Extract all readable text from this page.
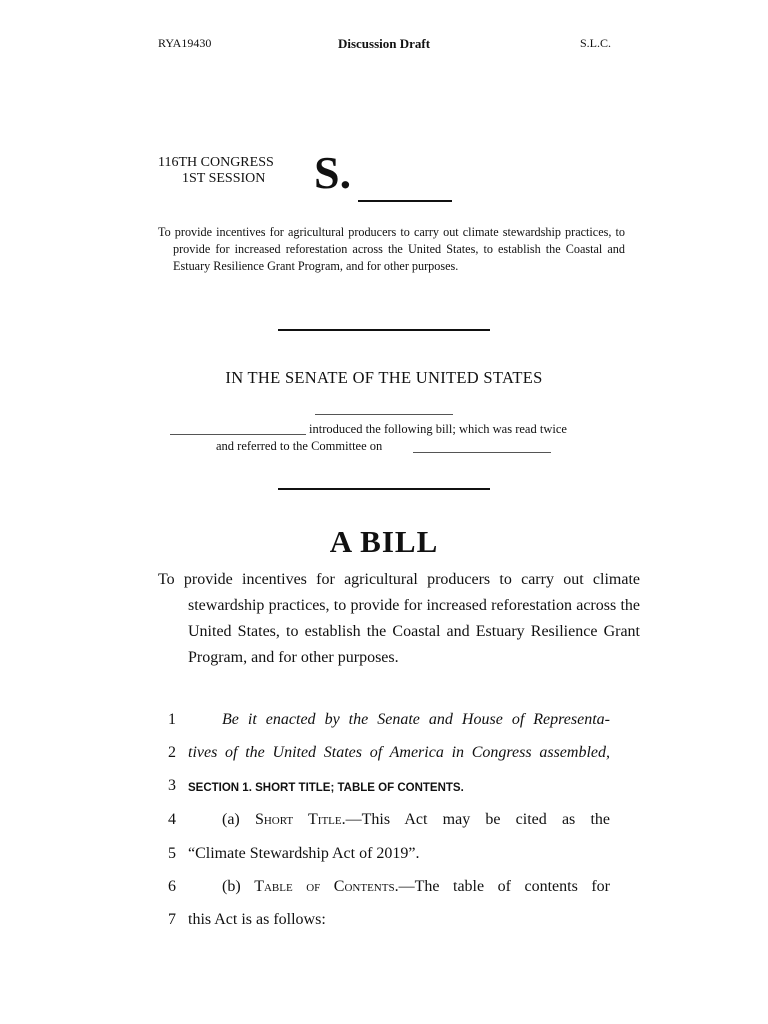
RYA19430	Discussion Draft	S.L.C.
116TH CONGRESS
1ST SESSION S.
To provide incentives for agricultural producers to carry out climate stewardship practices, to provide for increased reforestation across the United States, to establish the Coastal and Estuary Resilience Grant Program, and for other purposes.
IN THE SENATE OF THE UNITED STATES
introduced the following bill; which was read twice
and referred to the Committee on
A BILL
To provide incentives for agricultural producers to carry out climate stewardship practices, to provide for increased reforestation across the United States, to establish the Coastal and Estuary Resilience Grant Program, and for other purposes.
1	Be it enacted by the Senate and House of Representa-
2 tives of the United States of America in Congress assembled,
3 SECTION 1. SHORT TITLE; TABLE OF CONTENTS.
4	(a) Short Title.—This Act may be cited as the
5 “Climate Stewardship Act of 2019”.
6	(b) Table of Contents.—The table of contents for
7 this Act is as follows:
